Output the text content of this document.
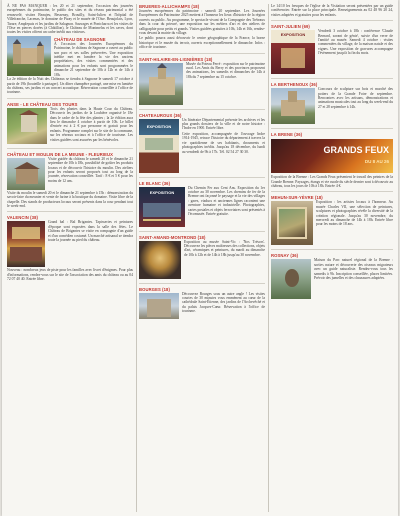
À NE PAS MANQUER : les 20 et 21 septembre, l'occasion des journées européennes du patrimoine, le public des sites et du réseau patrimonial a été renouvelé, visitez Beaujeu, Bessenay, Brouilly, Saint-Julien et l'hôpital de Villefranche, Lacenas, le domaine de Pizay et le musée de l'Oise. Beaujolais, Lyon, Tarare, Amplepuis et les jardins de Salagnon. Sauvages et Pontcharra et les visites de l'Oise en pierres dorées (à Châtillon), le Château de Montmelas et les caves, dont toutes les visites offrent un cadre inédit aux visiteurs.

CHÂTEAU DE SAGNONE

À l'occasion des Journées Européennes du Patrimoine, le château de Sagnone a ouvert au public son parc et ses salles préservées. Une exposition inédite met en lumière la vie des anciens propriétaires, des visites commentées et des animations pour les enfants sont programmées le dimanche 21 septembre de 10h à 12h et de 14h à 18h.

La 2e édition de la Nuit des Châteaux se tiendra à Sagnone le samedi 17 octobre à partir de 19h (bouteille à partager). Un dîner champêtre partagé, une mise en lumière du château, ses jardins et un concert acoustique. Réservation conseillée à l'office de tourisme.

ANSE - LE CHÂTEAU DES TOURS

Trois des plantes dans la Haute Cour du Château. Découvrir les jardins de la Loubière organisé le 18e dans le cadre de la fête des plantes ; la 2e édition aura lieu le dimanche 4 octobre à partir de 10h. Le billet d'entrée est à 2 € par personne et gratuit pour les enfants. Programme complet sur le site de la commune, sur les réseaux sociaux et à l'office de tourisme. Les visites guidées sont assurées par les bénévoles.

CHÂTEAU ET MOULIN DE LA MEUNE - FLEURIEUX

Visite guidée du château le samedi 20 et le dimanche 21 septembre de 10h à 18h, possibilité de goûter les produits locaux et de découvrir l'histoire du moulin. Des ateliers pour les enfants seront proposés tout au long de la journée, réservation conseillée. Tarif : 8 € et 5 € pour les moins de 12 ans.

Visite du moulin le samedi 20 et le dimanche 21 septembre à 15h : démonstration du savoir-faire du meunier et vente de farine à la boutique du domaine. Visite libre de la chapelle. Des stands de producteurs locaux seront présents dans la cour pendant tout le week-end.

VALENCIN (38)

Grand bal : Bal Brigantes. Tapisseries et peintures d'époque sont exposées dans la salle des fêtes. Le Château de Brigantes se visite en compagnie d'un guide et d'un comédien costumé. Un marché artisanal se tiendra toute la journée au pied du château.

Nouveau : nombreux jeux de piste pour les familles avec livret d'énigmes. Pour plus d'informations, rendez-vous sur le site de l'association des amis du château ou au 04 72 07 40 40. Entrée libre.

BRUERES-ALLICHAMPS (18)

Journées européennes du patrimoine : samedi 20 septembre. Les Journées Européennes du Patrimoine 2025 mettent à l'honneur les lieux d'histoire de la région ouverts au public. Au programme, le spectacle vivant de la Compagnie des Tréteaux dans la cour du prieuré, une exposition sur les métiers d'art et des ateliers de calligraphie pour petits et grands. Visites guidées gratuites à 10h, 14h et 16h, rendez-vous devant la mairie du village.

Le public pourra aussi découvrir le centre géographique de la France, la borne historique et le musée du terroir, ouverts exceptionnellement le dimanche. Infos : office de tourisme.

SAINT-HILAIRE-EN-LIGNIÈRES (18)

Musée du Poteau Ferré : exposition sur le patrimoine rural. Les Amis du Berry et des provinces proposent des animations, les samedis et dimanches de 14h à 18h du 7 septembre au 15 octobre.

CHATEAUROUX (36)
EXPOSITION

Un Itinéraire Départemental présente les archives et les plus grands dossiers de la ville et de notre histoire : l'Indre en 1900. Entrée libre.

Cette exposition, accompagnée de l'ouvrage Indre 1914-1945, retrace l'histoire du département à travers la vie quotidienne de ses habitants, documents et photographies inédits. Jusqu'au 18 décembre, du lundi au vendredi de 9h à 17h. Tél. 02 54 27 30 30.

LE BLANC (36)
EXPOSITION

Du Chemin Fer aux Cent Ans. Exposition du 1er octobre au 30 novembre. Les chemins de fer de la Brenne ont façonné le paysage et la vie des villages : gares, viaducs et anciennes lignes racontent une aventure humaine et industrielle. Photographies, cartes postales et objets ferroviaires sont présentés à l'écomusée. Entrée gratuite.

SAINT-AMAND-MONTROND (18)

Exposition au musée Saint-Vic : 'Nos Trésors'. Découvrez les pièces maîtresses des collections, objets d'art, céramiques et peintures, du mardi au dimanche de 10h à 12h et de 14h à 18h jusqu'au 30 novembre.

BOURGES (18)

Découvrez Bourges sous un autre angle ! Les visites courtes de 30 minutes vous emmènent au cœur de la cathédrale Saint-Étienne, des jardins de l'Archevêché et du palais Jacques-Cœur. Réservation à l'office de tourisme.

Le 14/10 les fresques de l'église de la Visitation seront présentées par un guide conférencier. Entrée sur la place principale. Renseignements au 02 48 96 20 24, visites adaptées et gratuites pour les enfants.

SAINT-JULIEN (69)
EXPOSITION

Vendredi 3 octobre à 18h : conférence 'Claude Bernard, savant de génie', suivie d'un verre de l'amitié au musée. Samedi 4 octobre : visites commentées du village, de la maison natale et des vignes. Une exposition de gravures accompagne l'évènement jusqu'à la fin du mois.

LA BERTHENOUX (36)

Concours de sculpture sur bois et marché des potiers de la Grande Foire de septembre. Rencontres avec les artisans, démonstrations et animations musicales tout au long du week-end du 27 et 28 septembre à 14h.

LA BRENE (36)
GRANDS FEUX
DU 8 AU 26

Exposition de la Brenne : Les Grands Feux présentent le travail des peintres de la Grande Brenne. Paysages, étangs et vie rurale du siècle dernier sont à découvrir au château, tous les jours de 10h à 18h. Entrée 4 €.

MEHUN-SUR-YÈVRE (18)

Exposition : les artistes locaux à l'honneur. Au musée Charles VII, une sélection de peintures, sculptures et photographies révèle la diversité de la création régionale. Jusqu'au 30 novembre, du mercredi au dimanche de 14h à 18h. Entrée libre pour les moins de 18 ans.

ROSNAY (36)

Maison du Parc naturel régional de la Brenne : sorties nature et découverte des oiseaux migrateurs avec un guide naturaliste. Rendez-vous tous les samedis à 9h. Inscription conseillée, places limitées. Prévoir des jumelles et des chaussures adaptées.
